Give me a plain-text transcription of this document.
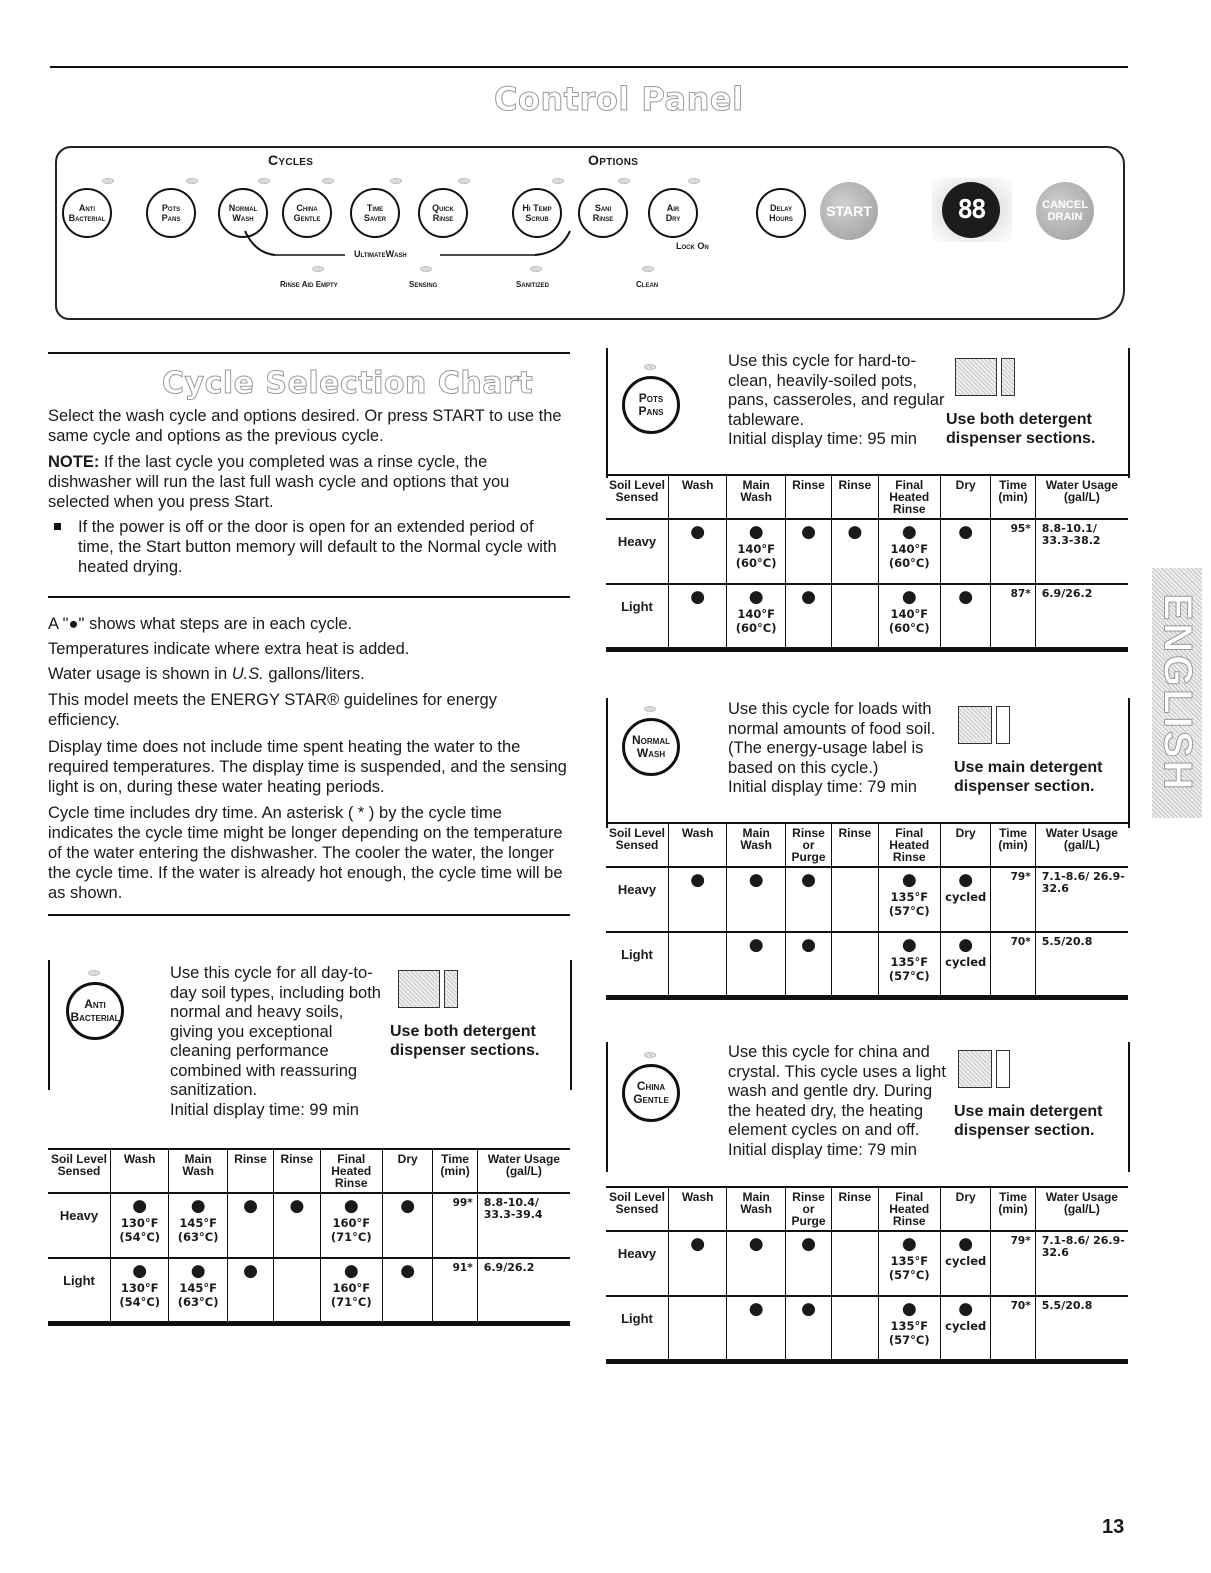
Control Panel
Cycles	Options
Anti
Bacterial
Pots
Pans
Normal
Wash
China
Gentle
Time
Saver
Quick
Rinse
Hi Temp
Scrub
Sani
Rinse
Air
Dry
Delay
Hours
UltimateWash
Lock On
Rinse Aid Empty	Sensing	Sanitized	Clean
START	88	CANCEL DRAIN
Cycle Selection Chart
Select the wash cycle and options desired. Or press START to use the same cycle and options as the previous cycle.
NOTE: If the last cycle you completed was a rinse cycle, the dishwasher will run the last full wash cycle and options that you selected when you press Start.
If the power is off or the door is open for an extended period of time, the Start button memory will default to the Normal cycle with heated drying.
A "●" shows what steps are in each cycle.
Temperatures indicate where extra heat is added.
Water usage is shown in U.S. gallons/liters.
This model meets the ENERGY STAR® guidelines for energy efficiency.
Display time does not include time spent heating the water to the required temperatures. The display time is suspended, and the sensing light is on, during these water heating periods.
Cycle time includes dry time. An asterisk ( * ) by the cycle time indicates the cycle time might be longer depending on the temperature of the water entering the dishwasher. The cooler the water, the longer the cycle time. If the water is already hot enough, the cycle time will be as shown.
Anti
Bacterial
Use this cycle for all day-to-day soil types, including both normal and heavy soils, giving you exceptional cleaning performance combined with reassuring sanitization.
Initial display time: 99 min
Use both detergent dispenser sections.
Soil Level Sensed	Wash	Main Wash	Rinse	Rinse	Final Heated Rinse	Dry	Time (min)	Water Usage (gal/L)

Heavy	●
130°F
(54°C)	●
145°F
(63°C)	●	●	●
160°F
(71°C)	●	99*	8.8-10.4/ 33.3-39.4

Light	●
130°F
(54°C)	●
145°F
(63°C)	●		●
160°F
(71°C)	●	91*	6.9/26.2
Pots
Pans
Use this cycle for hard-to-clean, heavily-soiled pots, pans, casseroles, and regular tableware.
Initial display time: 95 min
Use both detergent dispenser sections.
Soil Level Sensed	Wash	Main Wash	Rinse	Rinse	Final Heated Rinse	Dry	Time (min)	Water Usage (gal/L)

Heavy	●	●
140°F
(60°C)	●	●	●
140°F
(60°C)	●	95*	8.8-10.1/ 33.3-38.2

Light	●	●
140°F
(60°C)	●		●
140°F
(60°C)	●	87*	6.9/26.2
Normal
Wash
Use this cycle for loads with normal amounts of food soil. (The energy-usage label is based on this cycle.)
Initial display time: 79 min
Use main detergent dispenser section.
Soil Level Sensed	Wash	Main Wash	Rinse or Purge	Rinse	Final Heated Rinse	Dry	Time (min)	Water Usage (gal/L)

Heavy	●	●	●		●
135°F
(57°C)	●
cycled	79*	7.1-8.6/ 26.9-32.6

Light		●	●		●
135°F
(57°C)	●
cycled	70*	5.5/20.8
China
Gentle
Use this cycle for china and crystal. This cycle uses a light wash and gentle dry. During the heated dry, the heating element cycles on and off.
Initial display time: 79 min
Use main detergent dispenser section.
Soil Level Sensed	Wash	Main Wash	Rinse or Purge	Rinse	Final Heated Rinse	Dry	Time (min)	Water Usage (gal/L)

Heavy	●	●	●		●
135°F
(57°C)	●
cycled	79*	7.1-8.6/ 26.9-32.6

Light		●	●		●
135°F
(57°C)	●
cycled	70*	5.5/20.8
ENGLISH
13
